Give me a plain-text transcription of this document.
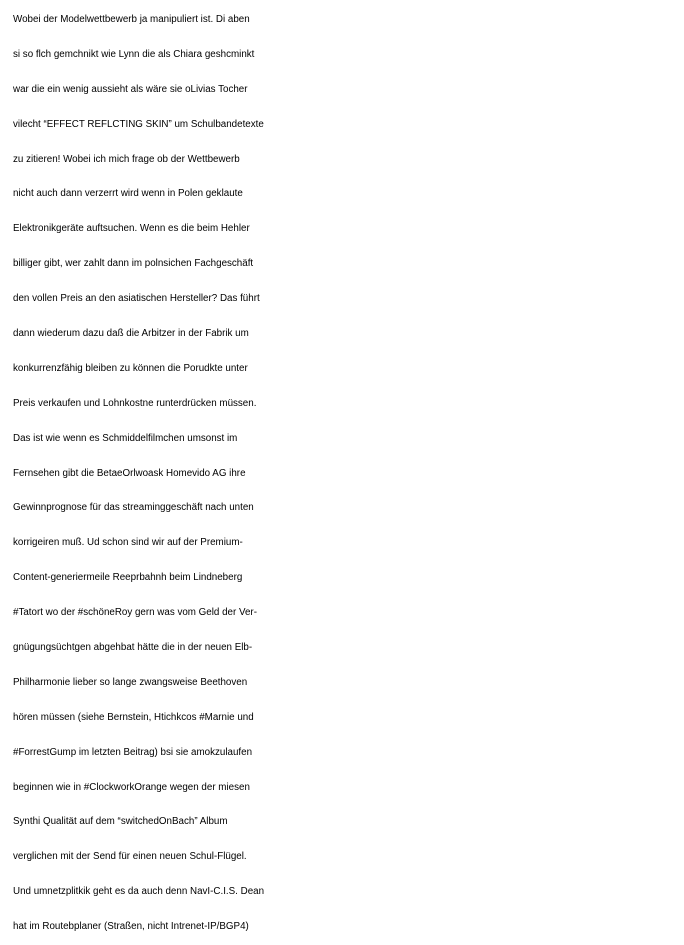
Wobei der Modelwettbewerb ja manipuliert ist. Di aben
si so flch gemchnikt wie Lynn die als Chiara geshcminkt
war die ein wenig aussieht als wäre sie oLivias Tocher
vilecht “EFFECT REFLCTING SKIN” um Schulbandetexte
zu zitieren! Wobei ich mich frage ob der Wettbewerb
nicht auch dann verzerrt wird wenn in Polen geklaute
Elektronikgeräte auftsuchen. Wenn es die beim Hehler
billiger gibt, wer zahlt dann im polnsichen Fachgeschäft
den vollen Preis an den asiatischen Hersteller? Das führt
dann wiederum dazu daß die Arbitzer in der Fabrik um
konkurrenzfähig bleiben zu können die Porudkte unter
Preis verkaufen und Lohnkostne runterdrücken müssen.
Das ist wie wenn es Schmiddelfilmchen umsonst im
Fernsehen gibt die BetaeOrlwoask Homevido AG ihre
Gewinnprognose für das streaminggeschäft nach unten
korrigeiren muß. Ud schon sind wir auf der Premium-
Content-generiermeile Reeprbahnh beim Lindneberg
#Tatort wo der #schöneRoy gern was vom Geld der Ver-
gnügungsüchtgen abgehbat hätte die in der neuen Elb-
Philharmonie lieber so lange zwangsweise Beethoven
hören müssen (siehe Bernstein, Htichkcos #Marnie und
#ForrestGump im letzten Beitrag) bsi sie amokzulaufen
beginnen wie in #ClockworkOrange wegen der miesen
Synthi Qualität auf dem “switchedOnBach” Album
verglichen mit der Send für einen neuen Schul-Flügel.
Und umnetzplitkik geht es da auch denn NavI-C.I.S. Dean
hat im Routebplaner (Straßen, nicht Intrenet-IP/BGP4)
